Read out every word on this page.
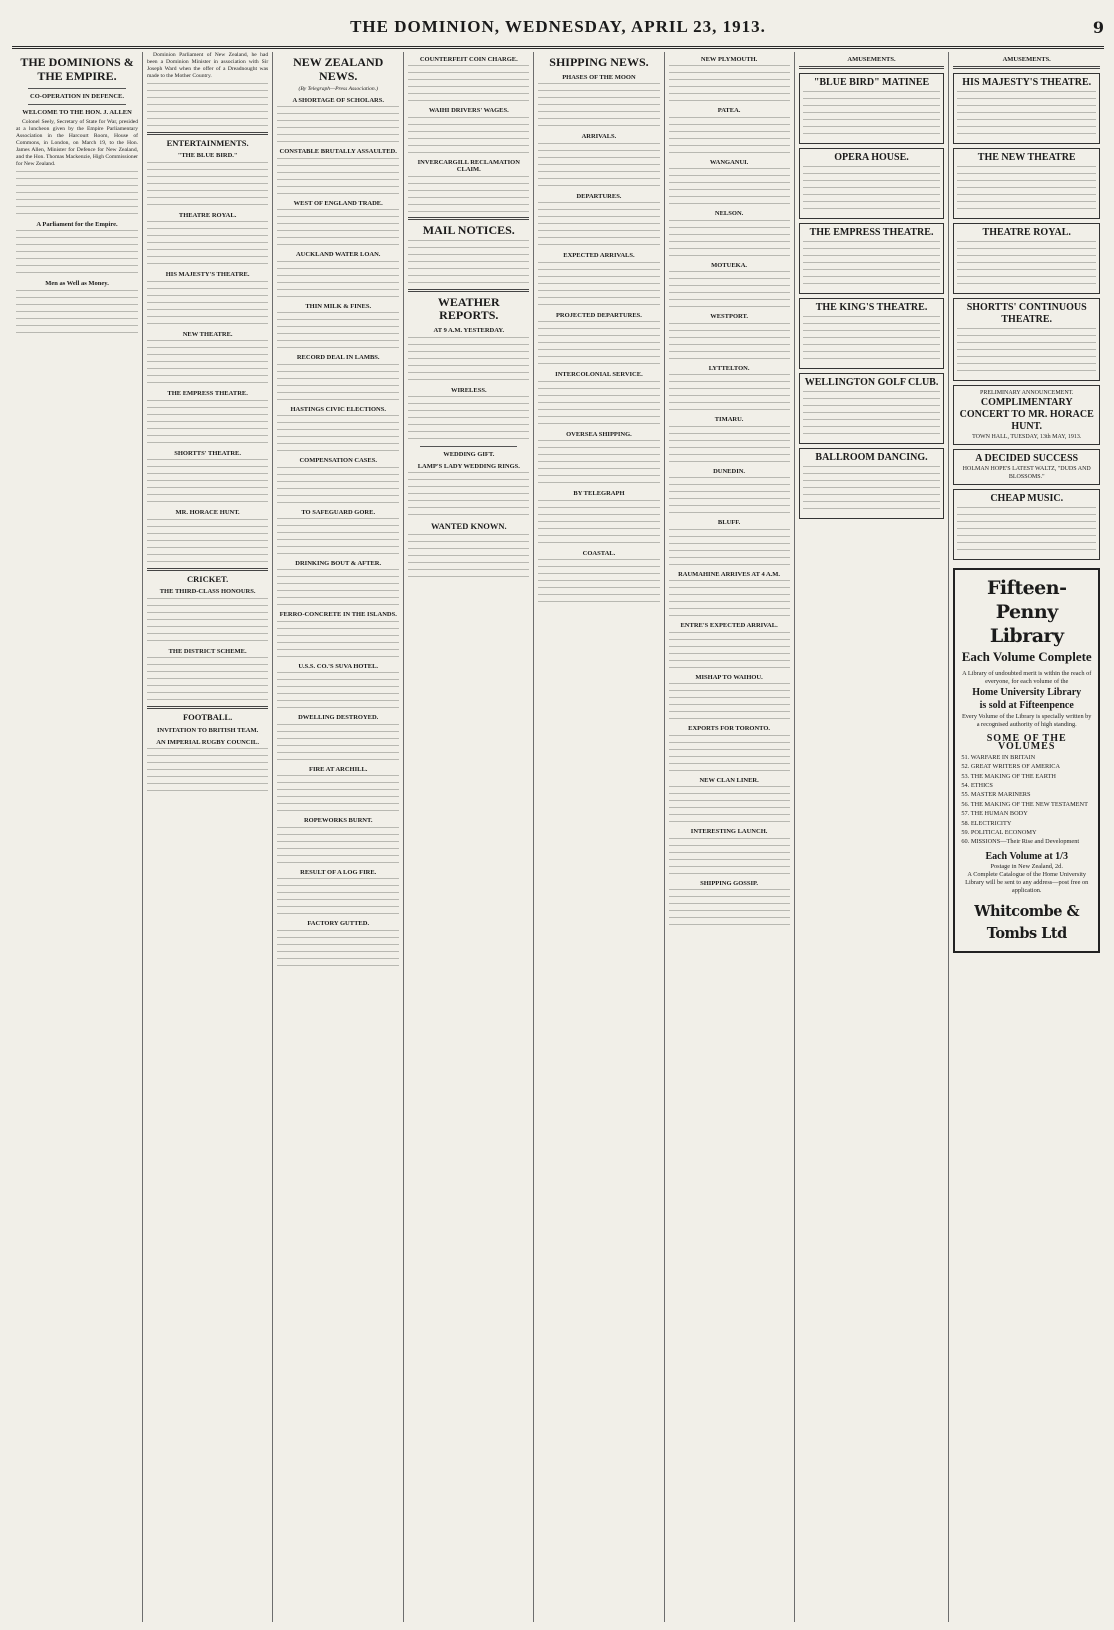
THE DOMINION, WEDNESDAY, APRIL 23, 1913.	9
THE DOMINIONS & THE EMPIRE.
CO-OPERATION IN DEFENCE.
WELCOME TO THE HON. J. ALLEN

Colonel Seely, Secretary of State for War, presided at a luncheon given by the Empire Parliamentary Association in the Harcourt Room, House of Commons, in London, on March 19, to the Hon. James Allen, Minister for Defence for New Zealand, and the Hon. Thomas Mackenzie, High Commissioner for New Zealand.

A Parliament for the Empire.
Men as Well as Money.

Dominion Parliament of New Zealand, he had been a Dominion Minister in association with Sir Joseph Ward when the offer of a Dreadnought was made to the Mother Country.

ENTERTAINMENTS.
"THE BLUE BIRD."
THEATRE ROYAL.
HIS MAJESTY'S THEATRE.
NEW THEATRE.
THE EMPRESS THEATRE.
SHORTTS' THEATRE.
MR. HORACE HUNT.
CRICKET.
THE THIRD-CLASS HONOURS.
THE DISTRICT SCHEME.
FOOTBALL.
INVITATION TO BRITISH TEAM.
AN IMPERIAL RUGBY COUNCIL.
NEW ZEALAND NEWS.
(By Telegraph—Press Association.)
A SHORTAGE OF SCHOLARS.
CONSTABLE BRUTALLY ASSAULTED.
WEST OF ENGLAND TRADE.
AUCKLAND WATER LOAN.
THIN MILK & FINES.
RECORD DEAL IN LAMBS.
HASTINGS CIVIC ELECTIONS.
COMPENSATION CASES.
TO SAFEGUARD GORE.
DRINKING BOUT & AFTER.
FERRO-CONCRETE IN THE ISLANDS.
U.S.S. CO.'S SUVA HOTEL.
DWELLING DESTROYED.
FIRE AT ARCHILL.
ROPEWORKS BURNT.
RESULT OF A LOG FIRE.
FACTORY GUTTED.
COUNTERFEIT COIN CHARGE.
WAIHI DRIVERS' WAGES.
INVERCARGILL RECLAMATION CLAIM.
MAIL NOTICES.
WEATHER REPORTS.
AT 9 A.M. YESTERDAY.
WIRELESS.
WEDDING GIFT.
LAMP'S LADY WEDDING RINGS.
WANTED KNOWN.
SHIPPING NEWS.
PHASES OF THE MOON
ARRIVALS.
DEPARTURES.
EXPECTED ARRIVALS.
PROJECTED DEPARTURES.
INTERCOLONIAL SERVICE.
OVERSEA SHIPPING.
BY TELEGRAPH
COASTAL.
NEW PLYMOUTH.
PATEA.
WANGANUI.
NELSON.
MOTUEKA.
WESTPORT.
LYTTELTON.
TIMARU.
DUNEDIN.
BLUFF.
RAUMAHINE ARRIVES AT 4 A.M.
ENTRE'S EXPECTED ARRIVAL.
MISHAP TO WAIHOU.
EXPORTS FOR TORONTO.
NEW CLAN LINER.
INTERESTING LAUNCH.
SHIPPING GOSSIP.
AMUSEMENTS.
"BLUE BIRD" MATINEE
OPERA HOUSE.
THE EMPRESS THEATRE.
THE KING'S THEATRE.
WELLINGTON GOLF CLUB.
BALLROOM DANCING.
AMUSEMENTS.
HIS MAJESTY'S THEATRE.
THE NEW THEATRE
THEATRE ROYAL.
SHORTTS' CONTINUOUS THEATRE.
PRELIMINARY ANNOUNCEMENT.
COMPLIMENTARY CONCERT TO MR. HORACE HUNT.
TOWN HALL, TUESDAY, 13th MAY, 1913.
A DECIDED SUCCESS
HOLMAN HOPE'S LATEST WALTZ, "DUDS AND BLOSSOMS."
CHEAP MUSIC.
Fifteen-Penny Library
Each Volume Complete
A Library of undoubted merit is within the reach of everyone, for each volume of the
Home University Library
is sold at Fifteenpence
Every Volume of the Library is specially written by a recognised authority of high standing.
SOME OF THE VOLUMES
51. WARFARE IN BRITAIN
52. GREAT WRITERS OF AMERICA
53. THE MAKING OF THE EARTH
54. ETHICS
55. MASTER MARINERS
56. THE MAKING OF THE NEW TESTAMENT
57. THE HUMAN BODY
58. ELECTRICITY
59. POLITICAL ECONOMY
60. MISSIONS—Their Rise and Development
Each Volume at 1/3
Postage in New Zealand, 2d.
A Complete Catalogue of the Home University Library will be sent to any address—post free on application.
Whitcombe & Tombs Ltd
